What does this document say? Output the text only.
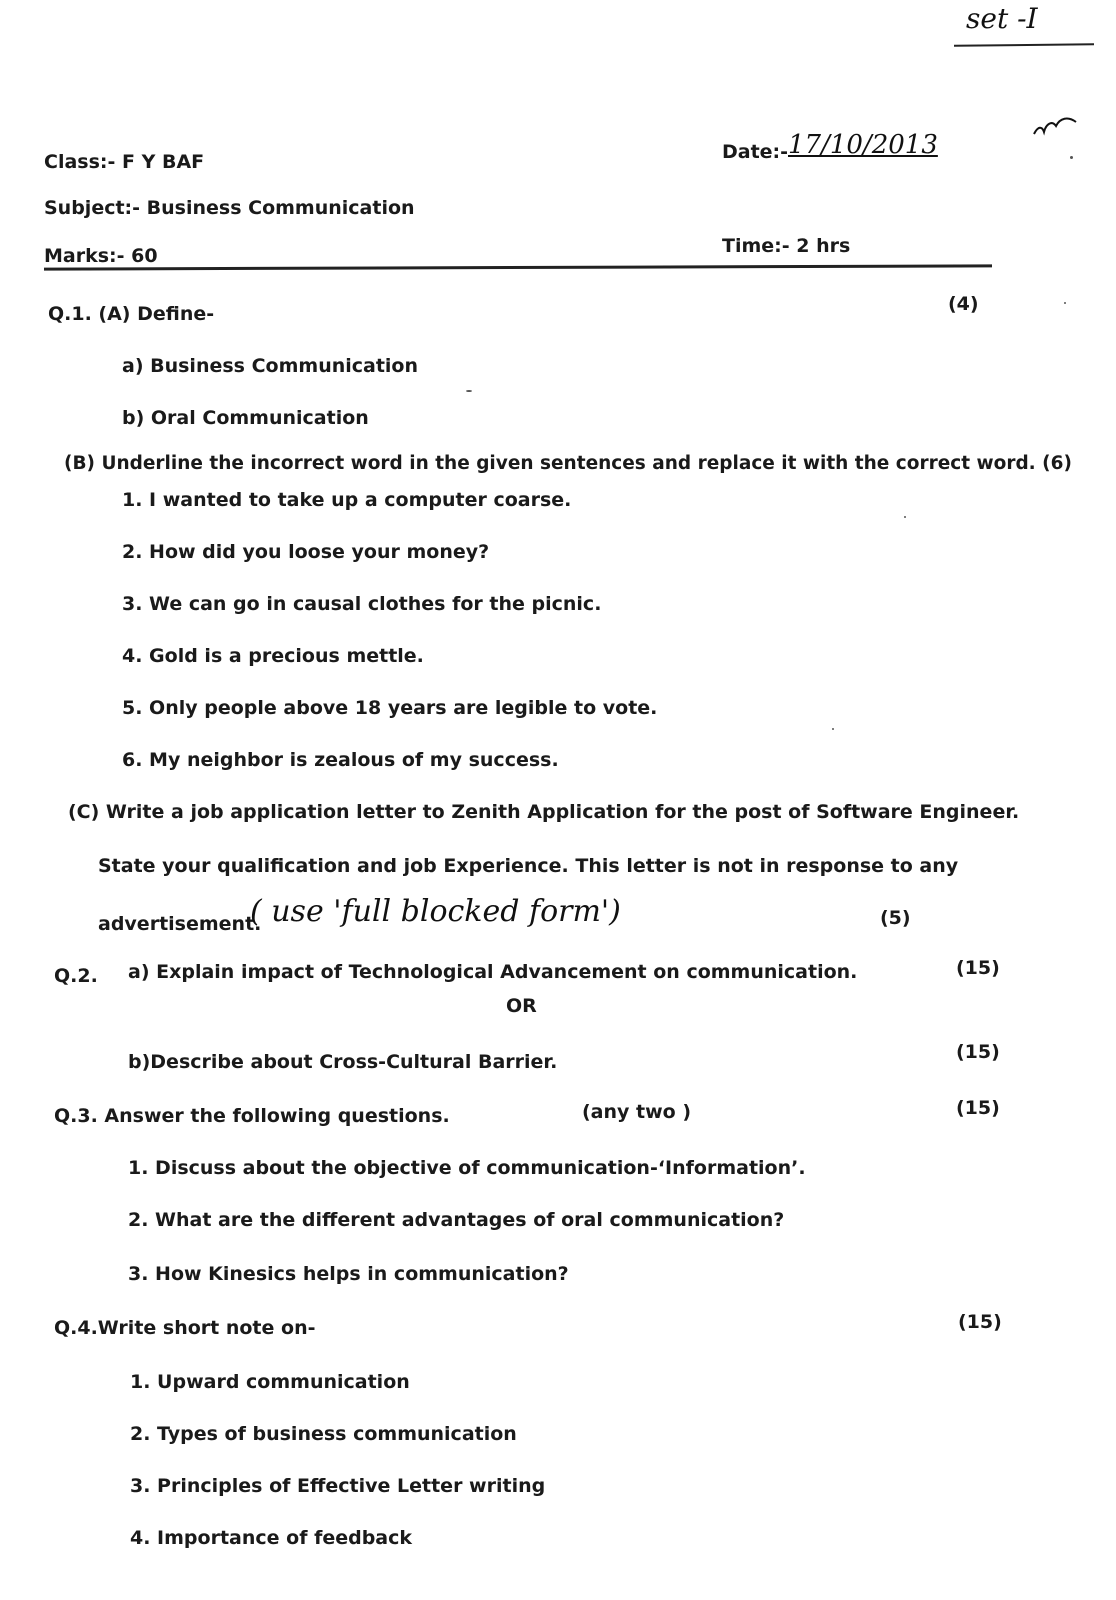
set -I
Class:- F Y BAF	Date:- 17/10/2013
Subject:- Business Communication
Marks:- 60	Time:- 2 hrs
Q.1. (A) Define-	(4)
a) Business Communication
b) Oral Communication
(B) Underline the incorrect word in the given sentences and replace it with the correct word. (6)
1. I wanted to take up a computer coarse.
2. How did you loose your money?
3. We can go in causal clothes for the picnic.
4. Gold is a precious mettle.
5. Only people above 18 years are legible to vote.
6. My neighbor is zealous of my success.
(C) Write a job application letter to Zenith Application for the post of Software Engineer.
State your qualification and job Experience. This letter is not in response to any
advertisement.
( use 'full blocked form')	(5)
Q.2. a) Explain impact of Technological Advancement on communication.	(15)
OR
b)Describe about Cross-Cultural Barrier.	(15)
Q.3. Answer the following questions.	(any two )	(15)
1. Discuss about the objective of communication-‘Information’.
2. What are the different advantages of oral communication?
3. How Kinesics helps in communication?
Q.4.Write short note on-	(15)
1. Upward communication
2. Types of business communication
3. Principles of Effective Letter writing
4. Importance of feedback
